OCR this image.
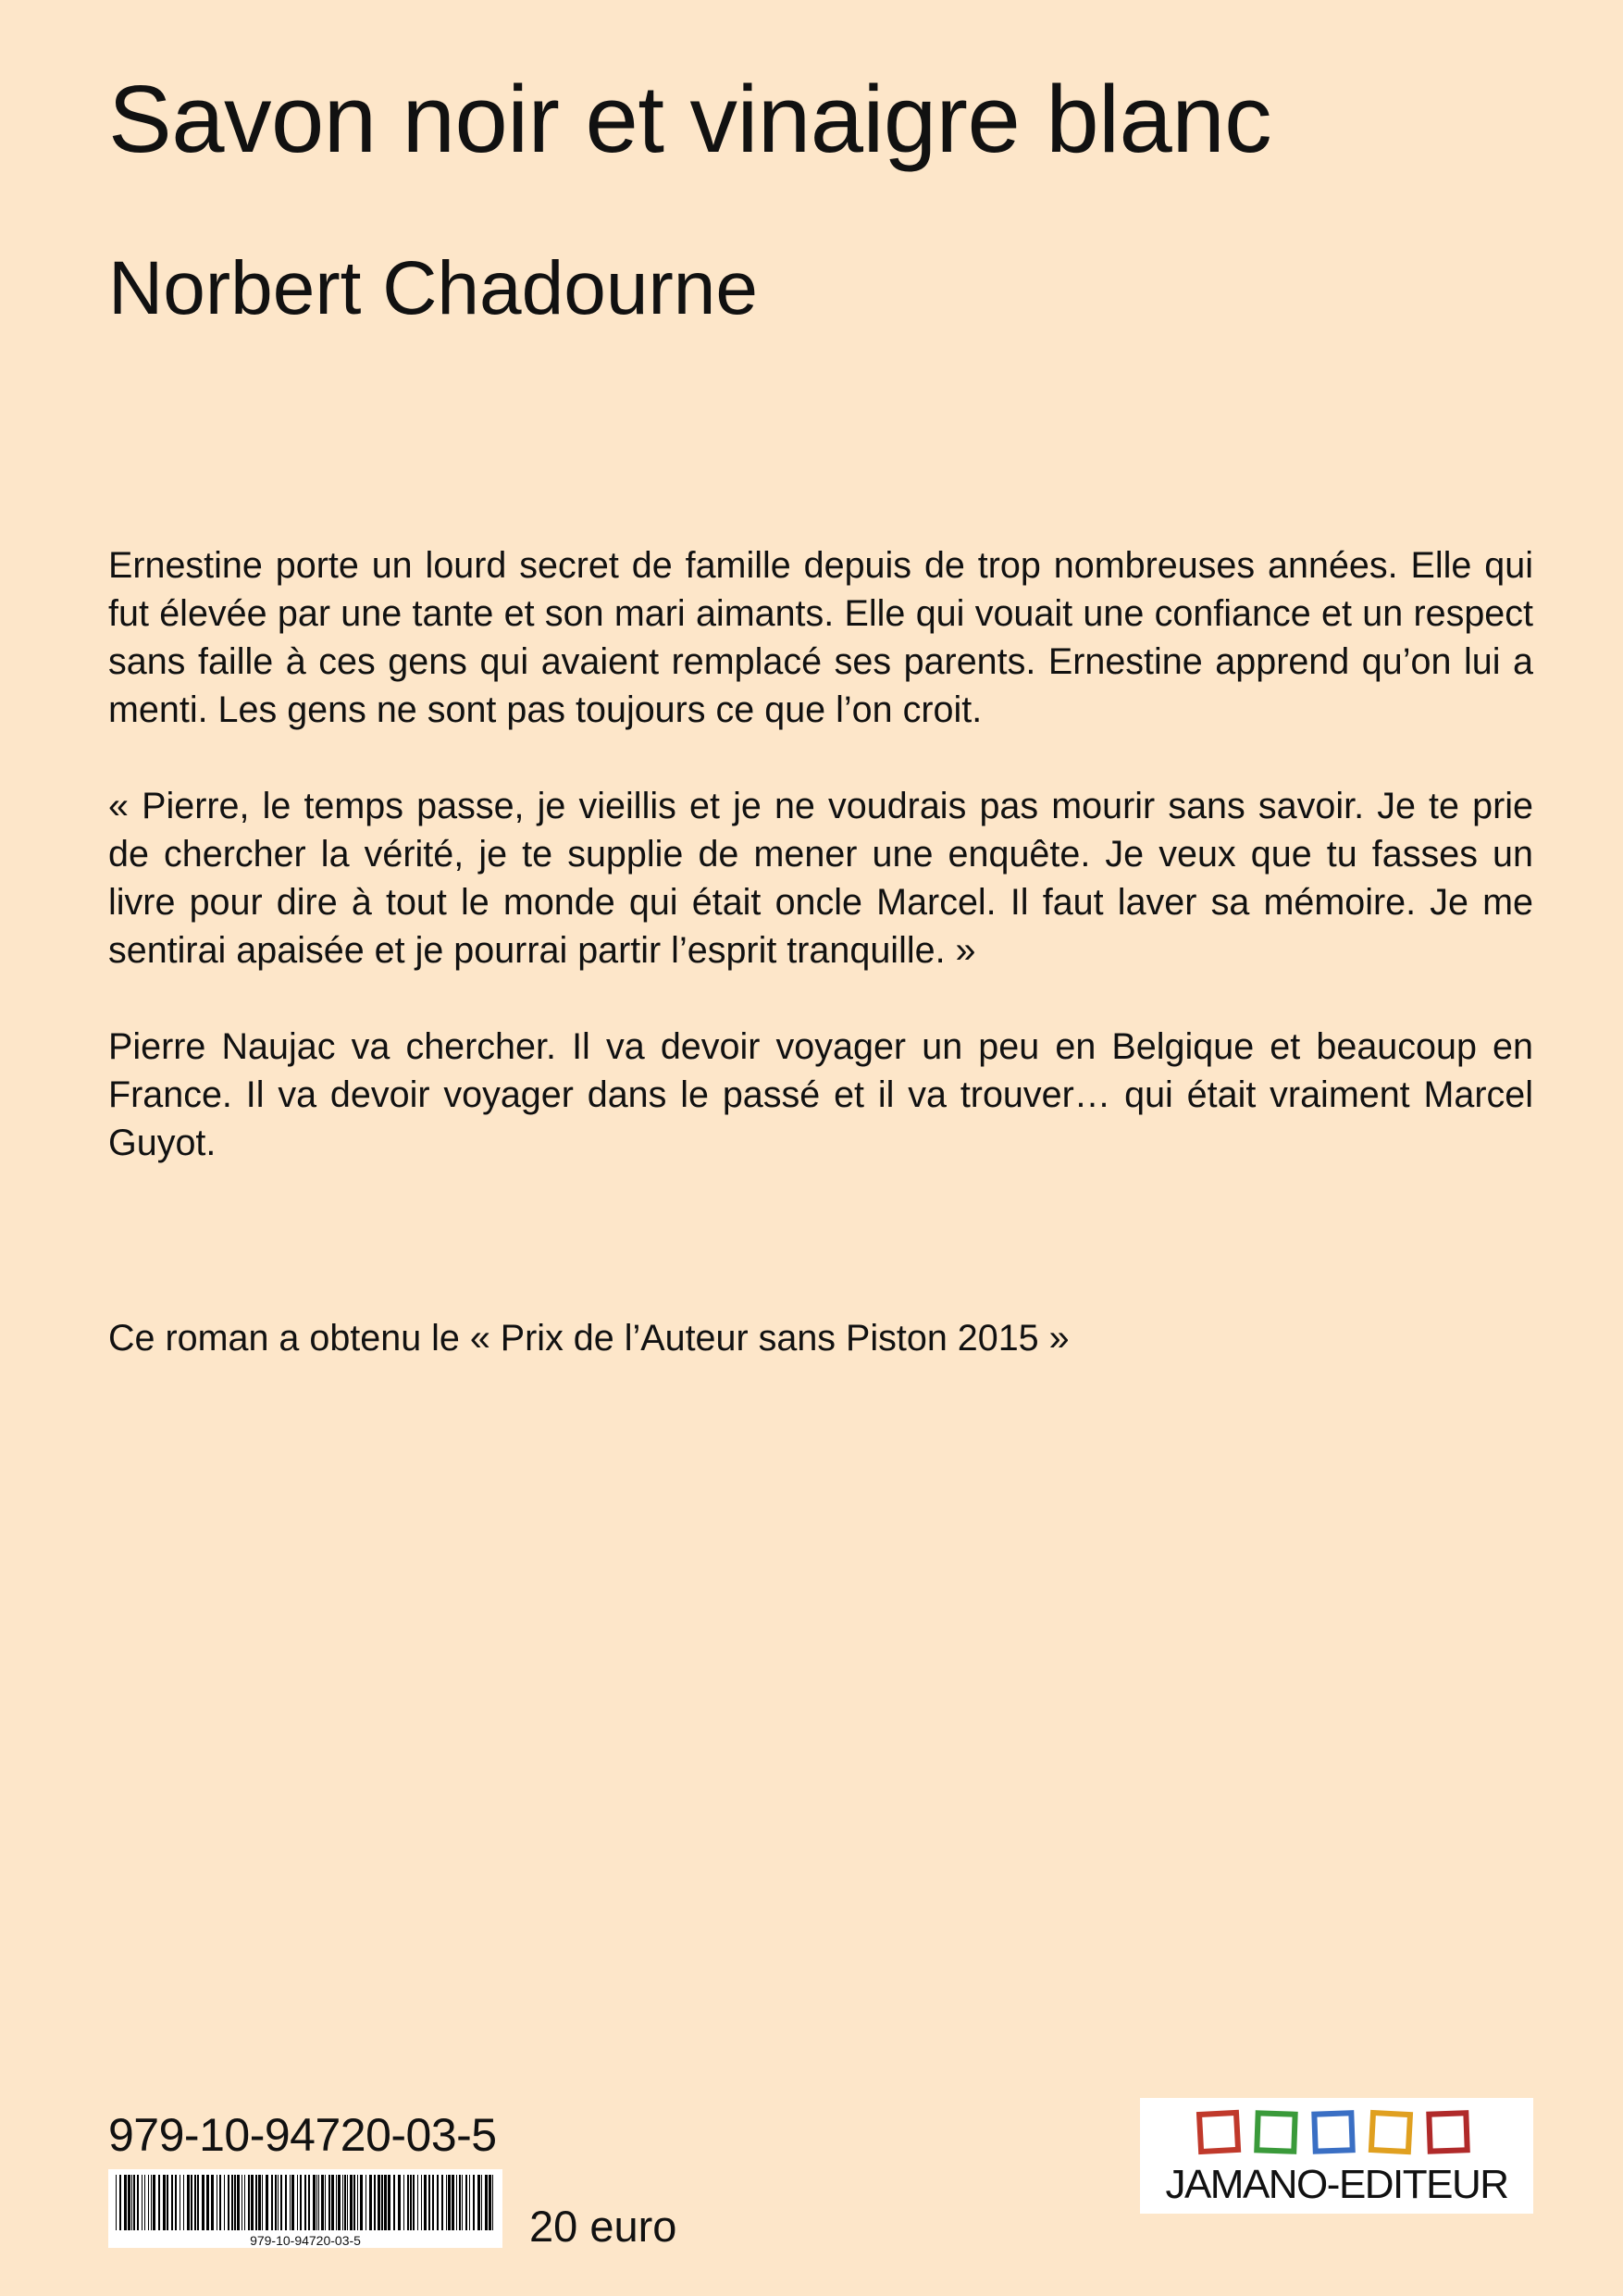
Savon noir et vinaigre blanc
Norbert Chadourne

Ernestine porte un lourd secret de famille depuis de trop nombreuses années. Elle qui fut élevée par une tante et son mari aimants. Elle qui vouait une confiance et un respect sans faille à ces gens qui avaient remplacé ses parents. Ernestine apprend qu’on lui a menti. Les gens ne sont pas toujours ce que l’on croit.

« Pierre, le temps passe, je vieillis et je ne voudrais pas mourir sans savoir. Je te prie de chercher la vérité, je te supplie de mener une enquête. Je veux que tu fasses un livre pour dire à tout le monde qui était oncle Marcel. Il faut laver sa mémoire. Je me sentirai apaisée et je pourrai partir l’esprit tranquille. »

Pierre Naujac va chercher. Il va devoir voyager un peu en Belgique et beaucoup en France. Il va devoir voyager dans le passé et il va trouver… qui était vraiment Marcel Guyot.

Ce roman a obtenu le « Prix de l’Auteur sans Piston 2015 »
979-10-94720-03-5
979-10-94720-03-5	20 euro
JAMANO-EDITEUR
